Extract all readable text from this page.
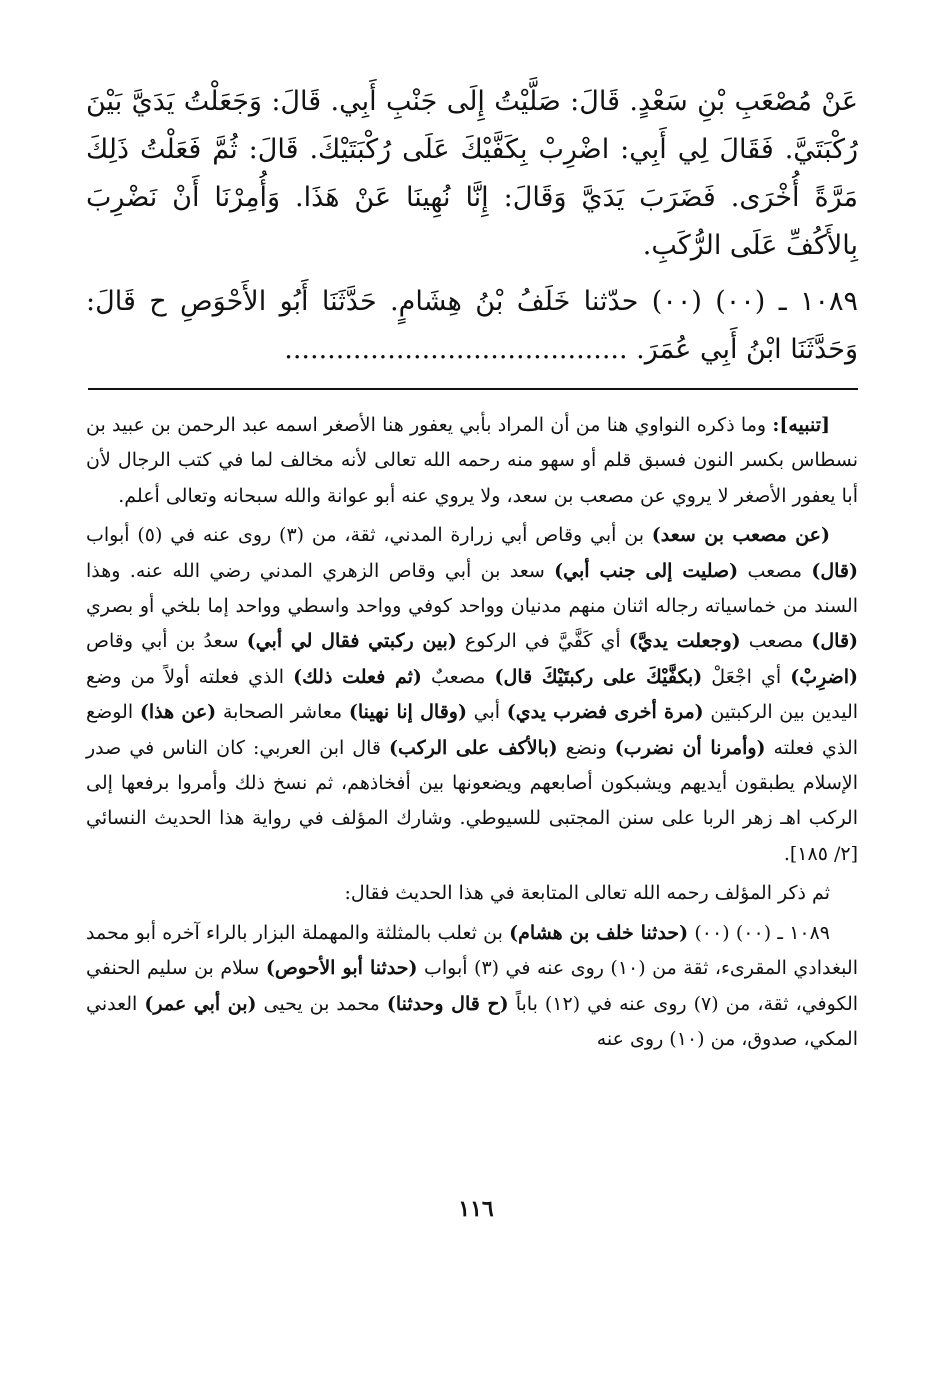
عَنْ مُصْعَبِ بْنِ سَعْدٍ. قَالَ: صَلَّيْتُ إِلَى جَنْبِ أَبِي. قَالَ: وَجَعَلْتُ يَدَيَّ بَيْنَ رُكْبَتَيَّ. فَقَالَ لِي أَبِي: اضْرِبْ بِكَفَّيْكَ عَلَى رُكْبَتَيْكَ. قَالَ: ثُمَّ فَعَلْتُ ذَلِكَ مَرَّةً أُخْرَى. فَضَرَبَ يَدَيَّ وَقَالَ: إِنَّا نُهِينَا عَنْ هَذَا. وَأُمِرْنَا أَنْ نَضْرِبَ بِالأَكُفِّ عَلَى الرُّكَبِ.

١٠٨٩ ـ (٠٠) (٠٠) حدّثنا خَلَفُ بْنُ هِشَامٍ. حَدَّثَنَا أَبُو الأَحْوَصِ ح قَالَ: وَحَدَّثَنَا ابْنُ أَبِي عُمَرَ. ........................................

[تنبيه]: وما ذكره النواوي هنا من أن المراد بأبي يعفور هنا الأصغر اسمه عبد الرحمن بن عبيد بن نسطاس بكسر النون فسبق قلم أو سهو منه رحمه الله تعالى لأنه مخالف لما في كتب الرجال لأن أبا يعفور الأصغر لا يروي عن مصعب بن سعد، ولا يروي عنه أبو عوانة والله سبحانه وتعالى أعلم.

(عن مصعب بن سعد) بن أبي وقاص أبي زرارة المدني، ثقة، من (٣) روى عنه في (٥) أبواب (قال) مصعب (صليت إلى جنب أبي) سعد بن أبي وقاص الزهري المدني رضي الله عنه. وهذا السند من خماسياته رجاله اثنان منهم مدنيان وواحد كوفي وواحد واسطي وواحد إما بلخي أو بصري (قال) مصعب (وجعلت يديَّ) أي كَفَّيَّ في الركوع (بين ركبتي فقال لي أبي) سعدُ بن أبي وقاص (اضرِبْ) أي اجْعَلْ (بكفَّيْكَ على ركبتَيْكَ قال) مصعبٌ (ثم فعلت ذلك) الذي فعلته أولاً من وضع اليدين بين الركبتين (مرة أخرى فضرب يدي) أبي (وقال إنا نهينا) معاشر الصحابة (عن هذا) الوضع الذي فعلته (وأمرنا أن نضرب) ونضع (بالأكف على الركب) قال ابن العربي: كان الناس في صدر الإسلام يطبقون أيديهم ويشبكون أصابعهم ويضعونها بين أفخاذهم، ثم نسخ ذلك وأمروا برفعها إلى الركب اهـ زهر الربا على سنن المجتبى للسيوطي. وشارك المؤلف في رواية هذا الحديث النسائي [٢/ ١٨٥].

ثم ذكر المؤلف رحمه الله تعالى المتابعة في هذا الحديث فقال:

١٠٨٩ ـ (٠٠) (٠٠) (حدثنا خلف بن هشام) بن ثعلب بالمثلثة والمهملة البزار بالراء آخره أبو محمد البغدادي المقرىء، ثقة من (١٠) روى عنه في (٣) أبواب (حدثنا أبو الأحوص) سلام بن سليم الحنفي الكوفي، ثقة، من (٧) روى عنه في (١٢) باباً (ح قال وحدثنا) محمد بن يحيى (بن أبي عمر) العدني المكي، صدوق، من (١٠) روى عنه

١١٦
